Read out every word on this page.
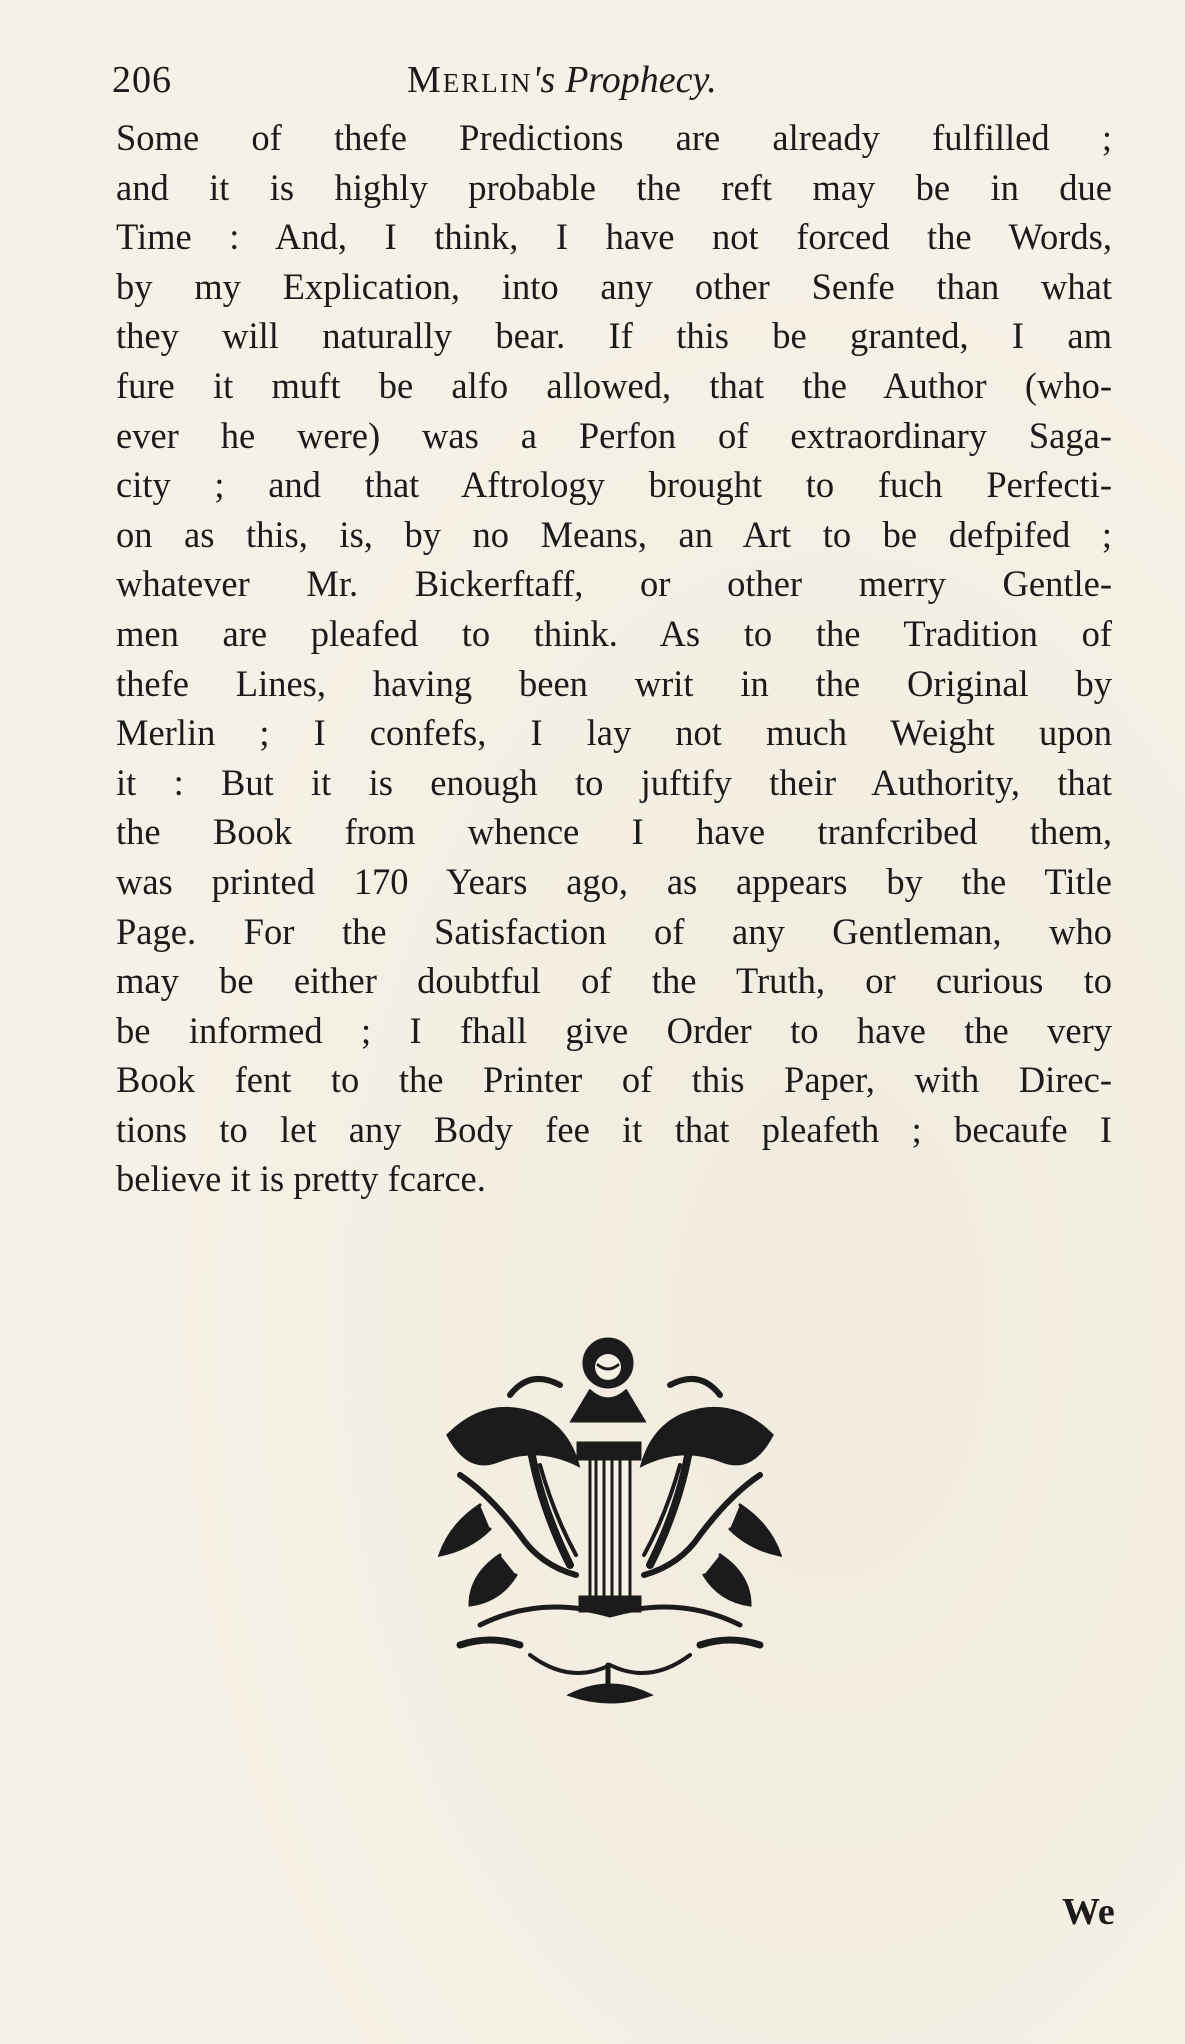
206	Merlin's Prophecy.
Some of thefe Predictions are already fulfilled ;
and it is highly probable the reft may be in due
Time : And, I think, I have not forced the Words,
by my Explication, into any other Senfe than what
they will naturally bear. If this be granted, I am
fure it muft be alfo allowed, that the Author (who-
ever he were) was a Perfon of extraordinary Saga-
city ; and that Aftrology brought to fuch Perfecti-
on as this, is, by no Means, an Art to be defpifed ;
whatever Mr. Bickerftaff, or other merry Gentle-
men are pleafed to think. As to the Tradition of
thefe Lines, having been writ in the Original by
Merlin ; I confefs, I lay not much Weight upon
it : But it is enough to juftify their Authority, that
the Book from whence I have tranfcribed them,
was printed 170 Years ago, as appears by the Title
Page. For the Satisfaction of any Gentleman, who
may be either doubtful of the Truth, or curious to
be informed ; I fhall give Order to have the very
Book fent to the Printer of this Paper, with Direc-
tions to let any Body fee it that pleafeth ; becaufe I
believe it is pretty fcarce.
We
